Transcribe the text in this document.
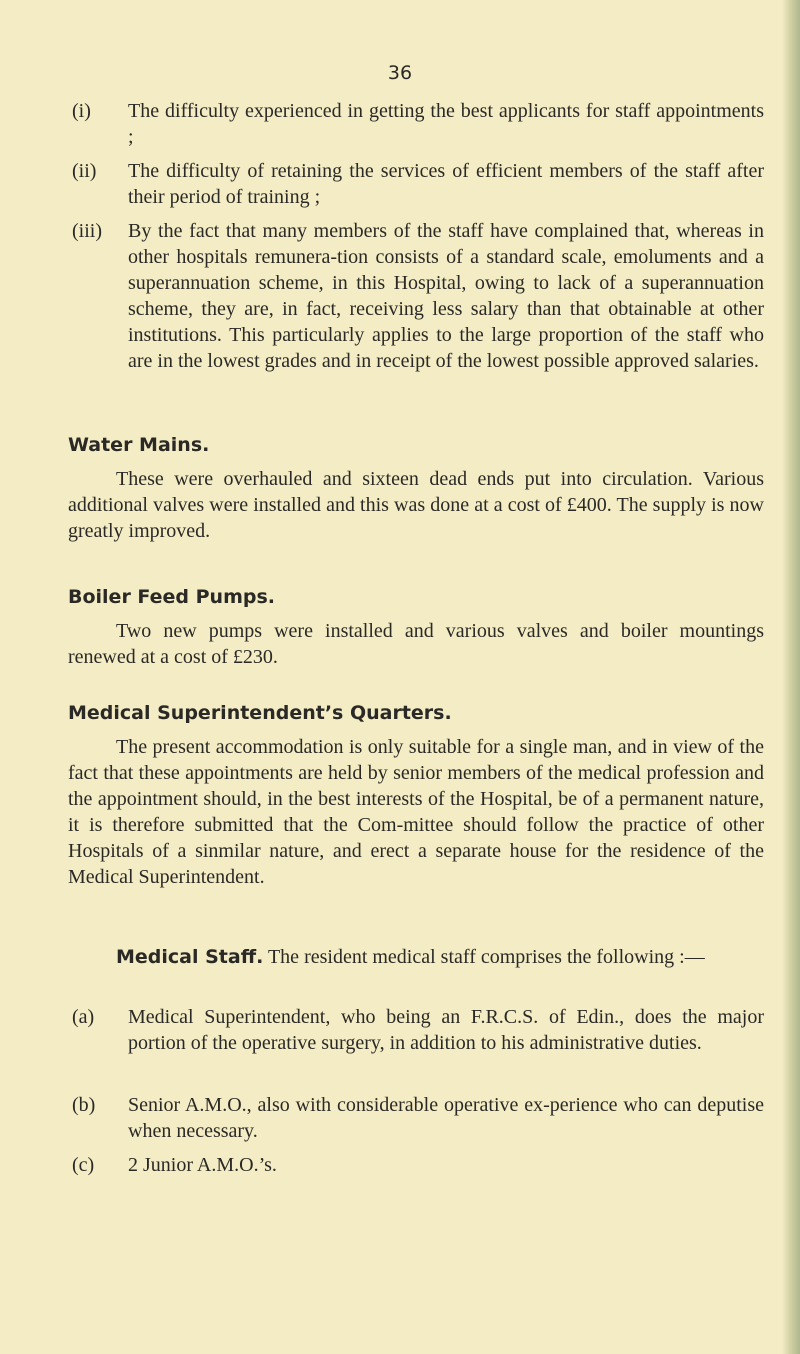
36
(i) The difficulty experienced in getting the best applicants for staff appointments ;
(ii) The difficulty of retaining the services of efficient members of the staff after their period of training ;
(iii) By the fact that many members of the staff have complained that, whereas in other hospitals remunera-tion consists of a standard scale, emoluments and a superannuation scheme, in this Hospital, owing to lack of a superannuation scheme, they are, in fact, receiving less salary than that obtainable at other institutions. This particularly applies to the large proportion of the staff who are in the lowest grades and in receipt of the lowest possible approved salaries.
Water Mains.
These were overhauled and sixteen dead ends put into circulation. Various additional valves were installed and this was done at a cost of £400. The supply is now greatly improved.
Boiler Feed Pumps.
Two new pumps were installed and various valves and boiler mountings renewed at a cost of £230.
Medical Superintendent’s Quarters.
The present accommodation is only suitable for a single man, and in view of the fact that these appointments are held by senior members of the medical profession and the appointment should, in the best interests of the Hospital, be of a permanent nature, it is therefore submitted that the Com-mittee should follow the practice of other Hospitals of a sinmilar nature, and erect a separate house for the residence of the Medical Superintendent.
Medical Staff. The resident medical staff comprises the following :—
(a) Medical Superintendent, who being an F.R.C.S. of Edin., does the major portion of the operative surgery, in addition to his administrative duties.
(b) Senior A.M.O., also with considerable operative ex-perience who can deputise when necessary.
(c) 2 Junior A.M.O.’s.
